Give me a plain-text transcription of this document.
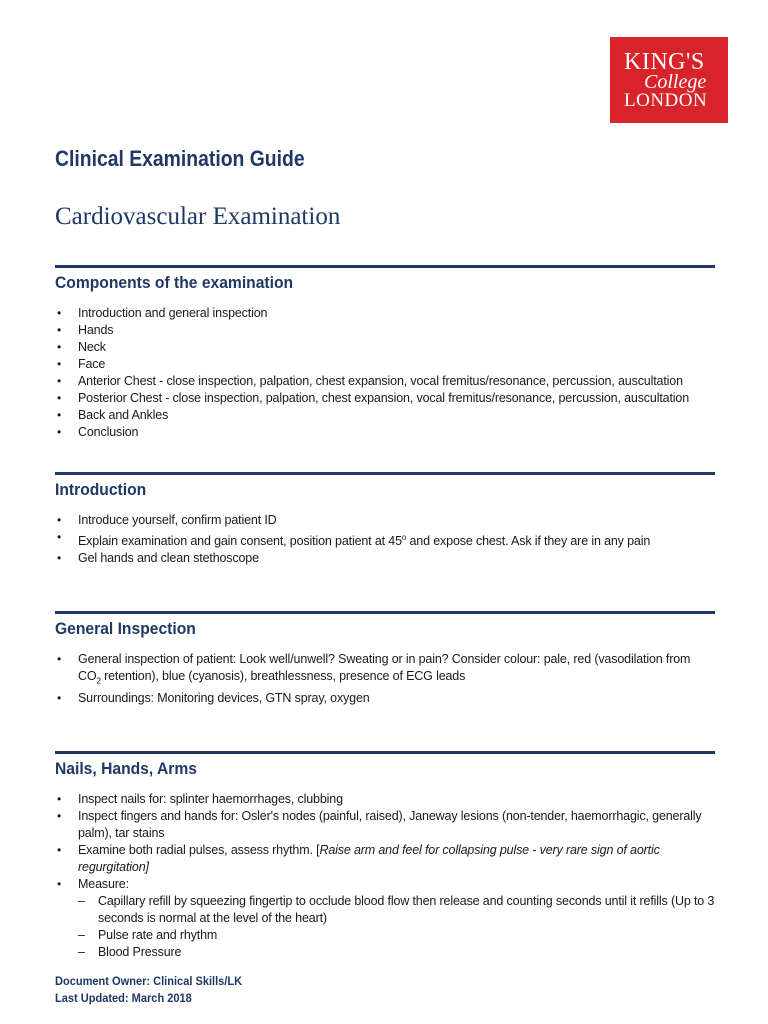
KING'S
College
LONDON
Clinical Examination Guide
Cardiovascular Examination
Components of the examination
• Introduction and general inspection
• Hands
• Neck
• Face
• Anterior Chest - close inspection, palpation, chest expansion, vocal fremitus/resonance, percussion, auscultation
• Posterior Chest - close inspection, palpation, chest expansion, vocal fremitus/resonance, percussion, auscultation
• Back and Ankles
• Conclusion
Introduction
• Introduce yourself, confirm patient ID
• Explain examination and gain consent, position patient at 45$^o$ and expose chest. Ask if they are in any pain
• Gel hands and clean stethoscope
General Inspection
• General inspection of patient: Look well/unwell? Sweating or in pain? Consider colour: pale, red (vasodilation from $CO_2$ retention), blue (cyanosis), breathlessness, presence of ECG leads
• Surroundings: Monitoring devices, GTN spray, oxygen
Nails, Hands, Arms
• Inspect nails for: splinter haemorrhages, clubbing
• Inspect fingers and hands for: Osler's nodes (painful, raised), Janeway lesions (non-tender, haemorrhagic, generally palm), tar stains
• Examine both radial pulses, assess rhythm. [Raise arm and feel for collapsing pulse - very rare sign of aortic regurgitation]
• Measure:
– Capillary refill by squeezing fingertip to occlude blood flow then release and counting seconds until it refills (Up to 3 seconds is normal at the level of the heart)
– Pulse rate and rhythm
– Blood Pressure
Document Owner: Clinical Skills/LK
Last Updated: March 2018
